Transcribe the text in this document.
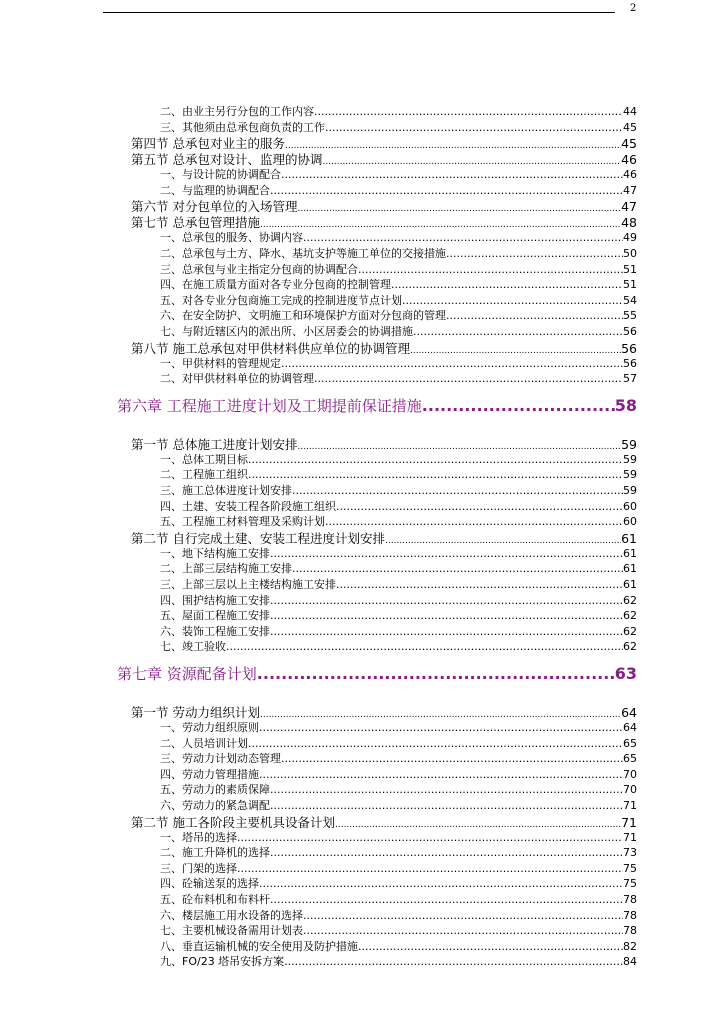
2
二、由业主另行分包的工作内容 .....	44
三、其他须由总承包商负责的工作 .....	45
第四节 总承包对业主的服务 .....	45
第五节 总承包对设计、监理的协调 .....	46
一、与设计院的协调配合 .....	46
二、与监理的协调配合 .....	47
第六节 对分包单位的入场管理 .....	47
第七节 总承包管理措施 .....	48
一、总承包的服务、协调内容 .....	49
二、总承包与土方、降水、基坑支护等施工单位的交接措施 .....	50
三、总承包与业主指定分包商的协调配合 .....	51
四、在施工质量方面对各专业分包商的控制管理 .....	51
五、对各专业分包商施工完成的控制进度节点计划 .....	54
六、在安全防护、文明施工和环境保护方面对分包商的管理 .....	55
七、与附近辖区内的派出所、小区居委会的协调措施 .....	56
第八节 施工总承包对甲供材料供应单位的协调管理 .....	56
一、甲供材料的管理规定 .....	56
二、对甲供材料单位的协调管理 .....	57
第六章 工程施工进度计划及工期提前保证措施 .....	58
第一节 总体施工进度计划安排 .....	59
一、总体工期目标 .....	59
二、工程施工组织 .....	59
三、施工总体进度计划安排 .....	59
四、土建、安装工程各阶段施工组织 .....	60
五、工程施工材料管理及采购计划 .....	60
第二节 自行完成土建、安装工程进度计划安排 .....	61
一、地下结构施工安排 .....	61
二、上部三层结构施工安排 .....	61
三、上部三层以上主楼结构施工安排 .....	61
四、围护结构施工安排 .....	62
五、屋面工程施工安排 .....	62
六、装饰工程施工安排 .....	62
七、竣工验收 .....	62
第七章 资源配备计划 .....	63
第一节 劳动力组织计划 .....	64
一、劳动力组织原则 .....	64
二、人员培训计划 .....	65
三、劳动力计划动态管理 .....	65
四、劳动力管理措施 .....	70
五、劳动力的素质保障 .....	70
六、劳动力的紧急调配 .....	71
第二节 施工各阶段主要机具设备计划 .....	71
一、塔吊的选择 .....	71
二、施工升降机的选择 .....	73
三、门架的选择 .....	75
四、砼输送泵的选择 .....	75
五、砼布料机和布料杆 .....	78
六、楼层施工用水设备的选择 .....	78
七、主要机械设备需用计划表 .....	78
八、垂直运输机械的安全使用及防护措施 .....	82
九、FO/23 塔吊安拆方案 .....	84
